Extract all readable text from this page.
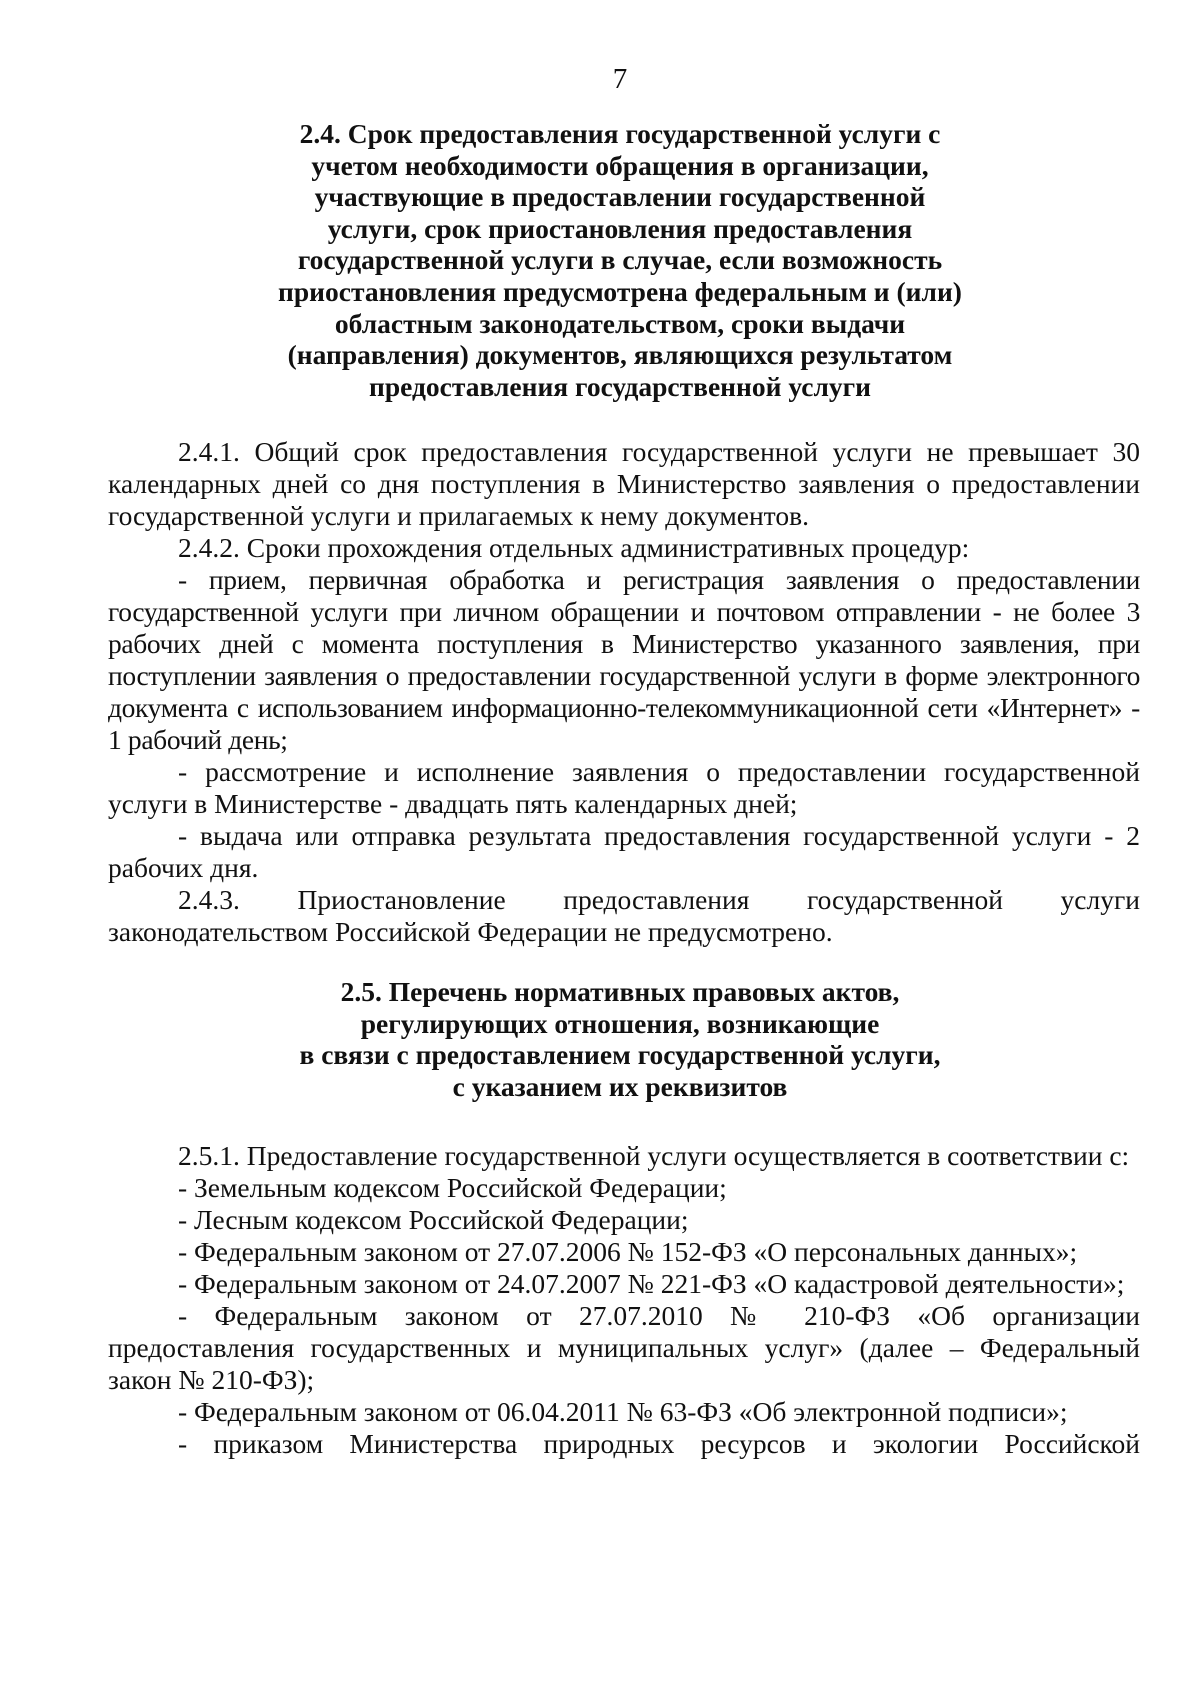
7
2.4. Срок предоставления государственной услуги с
учетом необходимости обращения в организации,
участвующие в предоставлении государственной
услуги, срок приостановления предоставления
государственной услуги в случае, если возможность
приостановления предусмотрена федеральным и (или)
областным законодательством, сроки выдачи
(направления) документов, являющихся результатом
предоставления государственной услуги

2.4.1. Общий срок предоставления государственной услуги не превышает 30 календарных дней со дня поступления в Министерство заявления о предоставлении государственной услуги и прилагаемых к нему документов.

2.4.2. Сроки прохождения отдельных административных процедур:

- прием, первичная обработка и регистрация заявления о предоставлении государственной услуги при личном обращении и почтовом отправлении - не более 3 рабочих дней с момента поступления в Министерство указанного заявления, при поступлении заявления о предоставлении государственной услуги в форме электронного документа с использованием информационно-телекоммуникационной сети «Интернет» - 1 рабочий день;

- рассмотрение и исполнение заявления о предоставлении государственной услуги в Министерстве - двадцать пять календарных дней;

- выдача или отправка результата предоставления государственной услуги - 2 рабочих дня.

2.4.3. Приостановление предоставления государственной услуги законодательством Российской Федерации не предусмотрено.

2.5. Перечень нормативных правовых актов,
регулирующих отношения, возникающие
в связи с предоставлением государственной услуги,
с указанием их реквизитов

2.5.1. Предоставление государственной услуги осуществляется в соответствии с:

- Земельным кодексом Российской Федерации;

- Лесным кодексом Российской Федерации;

- Федеральным законом от 27.07.2006 № 152-ФЗ «О персональных данных»;

- Федеральным законом от 24.07.2007 № 221-ФЗ «О кадастровой деятельности»;

- Федеральным законом от 27.07.2010 № 210-ФЗ «Об организации предоставления государственных и муниципальных услуг» (далее – Федеральный закон № 210-ФЗ);

- Федеральным законом от 06.04.2011 № 63-ФЗ «Об электронной подписи»;

- приказом Министерства природных ресурсов и экологии Российской
